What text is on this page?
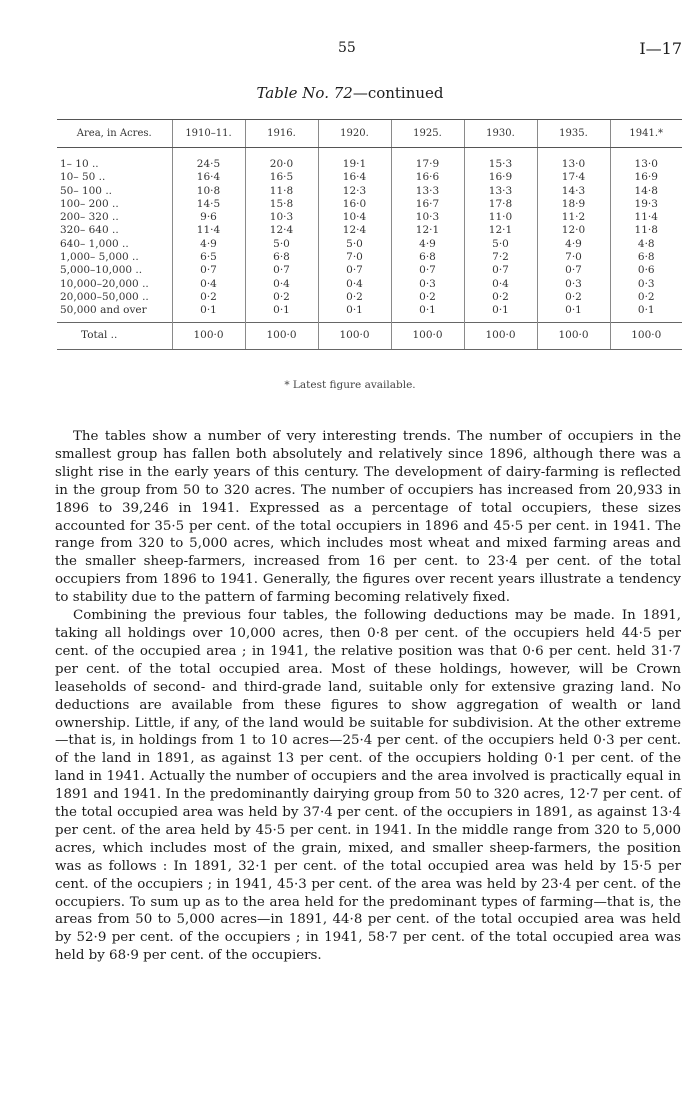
55	I—17
Table No. 72—continued
Area, in Acres.	1910–11.	1916.	1920.	1925.	1930.	1935.	1941.*
1– 10 ..	24·5	20·0	19·1	17·9	15·3	13·0	13·0
10– 50 ..	16·4	16·5	16·4	16·6	16·9	17·4	16·9
50– 100 ..	10·8	11·8	12·3	13·3	13·3	14·3	14·8
100– 200 ..	14·5	15·8	16·0	16·7	17·8	18·9	19·3
200– 320 ..	9·6	10·3	10·4	10·3	11·0	11·2	11·4
320– 640 ..	11·4	12·4	12·4	12·1	12·1	12·0	11·8
640– 1,000 ..	4·9	5·0	5·0	4·9	5·0	4·9	4·8
1,000– 5,000 ..	6·5	6·8	7·0	6·8	7·2	7·0	6·8
5,000–10,000 ..	0·7	0·7	0·7	0·7	0·7	0·7	0·6
10,000–20,000 ..	0·4	0·4	0·4	0·3	0·4	0·3	0·3
20,000–50,000 ..	0·2	0·2	0·2	0·2	0·2	0·2	0·2
50,000 and over	0·1	0·1	0·1	0·1	0·1	0·1	0·1
Total ..	100·0	100·0	100·0	100·0	100·0	100·0	100·0
* Latest figure available.

The tables show a number of very interesting trends. The number of occupiers in the smallest group has fallen both absolutely and relatively since 1896, although there was a slight rise in the early years of this century. The development of dairy-farming is reflected in the group from 50 to 320 acres. The number of occupiers has increased from 20,933 in 1896 to 39,246 in 1941. Expressed as a percentage of total occupiers, these sizes accounted for 35·5 per cent. of the total occupiers in 1896 and 45·5 per cent. in 1941. The range from 320 to 5,000 acres, which includes most wheat and mixed farming areas and the smaller sheep-farmers, increased from 16 per cent. to 23·4 per cent. of the total occupiers from 1896 to 1941. Generally, the figures over recent years illustrate a tendency to stability due to the pattern of farming becoming relatively fixed.

Combining the previous four tables, the following deductions may be made. In 1891, taking all holdings over 10,000 acres, then 0·8 per cent. of the occupiers held 44·5 per cent. of the occupied area ; in 1941, the relative position was that 0·6 per cent. held 31·7 per cent. of the total occupied area. Most of these holdings, however, will be Crown leaseholds of second- and third-grade land, suitable only for extensive grazing land. No deductions are available from these figures to show aggregation of wealth or land ownership. Little, if any, of the land would be suitable for subdivision. At the other extreme—that is, in holdings from 1 to 10 acres—25·4 per cent. of the occupiers held 0·3 per cent. of the land in 1891, as against 13 per cent. of the occupiers holding 0·1 per cent. of the land in 1941. Actually the number of occupiers and the area involved is practically equal in 1891 and 1941. In the predominantly dairying group from 50 to 320 acres, 12·7 per cent. of the total occupied area was held by 37·4 per cent. of the occupiers in 1891, as against 13·4 per cent. of the area held by 45·5 per cent. in 1941. In the middle range from 320 to 5,000 acres, which includes most of the grain, mixed, and smaller sheep-farmers, the position was as follows : In 1891, 32·1 per cent. of the total occupied area was held by 15·5 per cent. of the occupiers ; in 1941, 45·3 per cent. of the area was held by 23·4 per cent. of the occupiers. To sum up as to the area held for the predominant types of farming—that is, the areas from 50 to 5,000 acres—in 1891, 44·8 per cent. of the total occupied area was held by 52·9 per cent. of the occupiers ; in 1941, 58·7 per cent. of the total occupied area was held by 68·9 per cent. of the occupiers.
